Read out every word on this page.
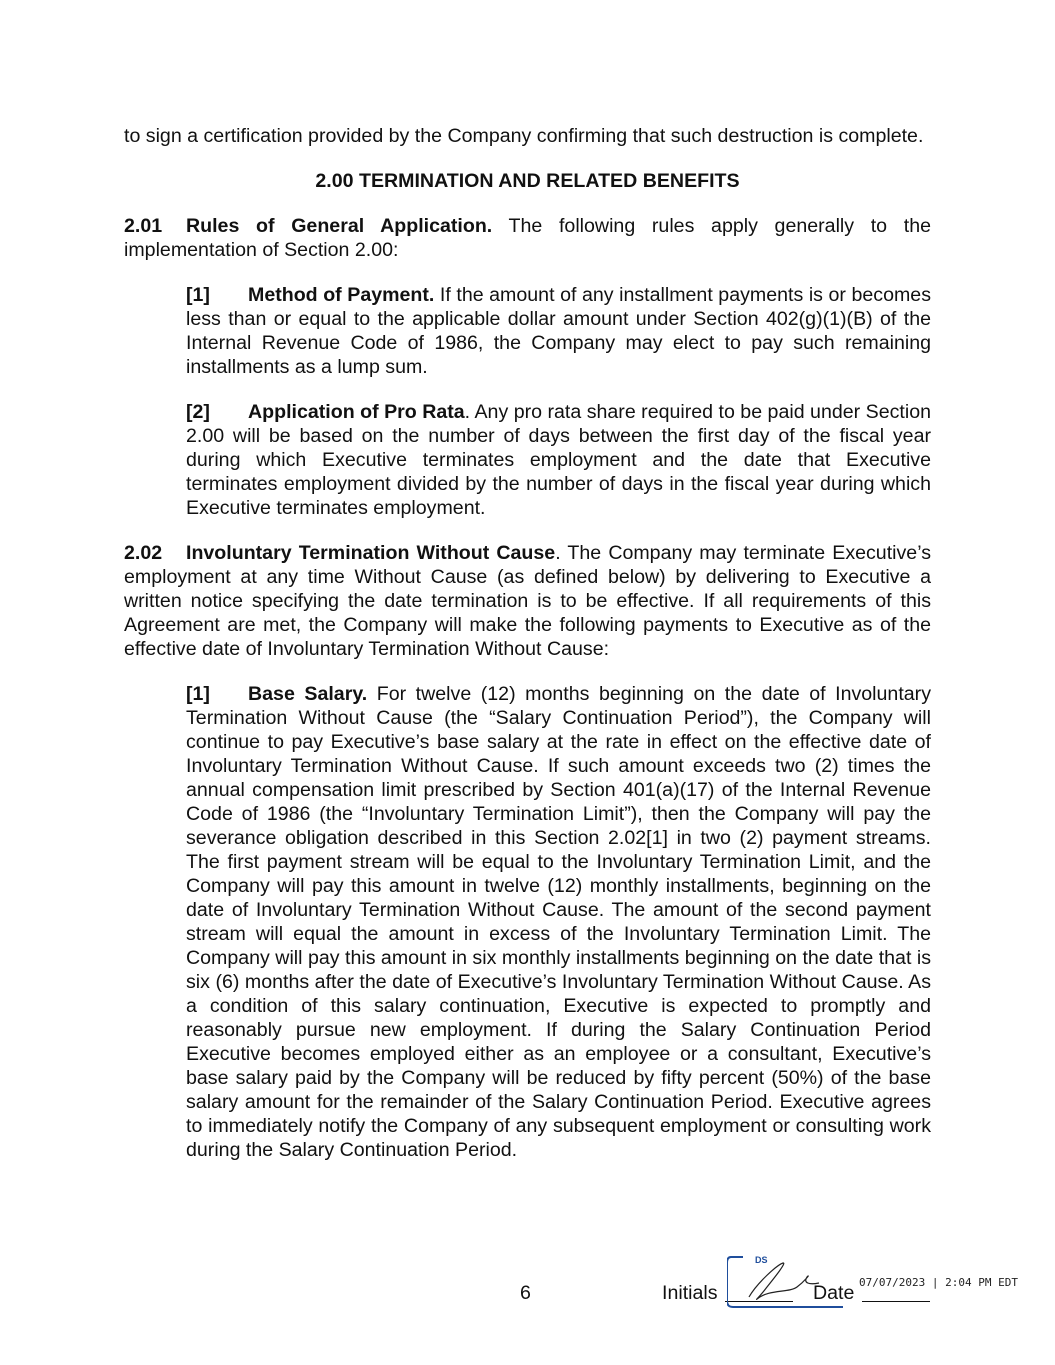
to sign a certification provided by the Company confirming that such destruction is complete.

2.00 TERMINATION AND RELATED BENEFITS

2.01 Rules of General Application. The following rules apply generally to the implementation of Section 2.00:

[1] Method of Payment. If the amount of any installment payments is or becomes less than or equal to the applicable dollar amount under Section 402(g)(1)(B) of the Internal Revenue Code of 1986, the Company may elect to pay such remaining installments as a lump sum.

[2] Application of Pro Rata. Any pro rata share required to be paid under Section 2.00 will be based on the number of days between the first day of the fiscal year during which Executive terminates employment and the date that Executive terminates employment divided by the number of days in the fiscal year during which Executive terminates employment.

2.02 Involuntary Termination Without Cause. The Company may terminate Executive’s employment at any time Without Cause (as defined below) by delivering to Executive a written notice specifying the date termination is to be effective. If all requirements of this Agreement are met, the Company will make the following payments to Executive as of the effective date of Involuntary Termination Without Cause:

[1] Base Salary. For twelve (12) months beginning on the date of Involuntary Termination Without Cause (the “Salary Continuation Period”), the Company will continue to pay Executive’s base salary at the rate in effect on the effective date of Involuntary Termination Without Cause. If such amount exceeds two (2) times the annual compensation limit prescribed by Section 401(a)(17) of the Internal Revenue Code of 1986 (the “Involuntary Termination Limit”), then the Company will pay the severance obligation described in this Section 2.02[1] in two (2) payment streams. The first payment stream will be equal to the Involuntary Termination Limit, and the Company will pay this amount in twelve (12) monthly installments, beginning on the date of Involuntary Termination Without Cause. The amount of the second payment stream will equal the amount in excess of the Involuntary Termination Limit. The Company will pay this amount in six monthly installments beginning on the date that is six (6) months after the date of Executive’s Involuntary Termination Without Cause. As a condition of this salary continuation, Executive is expected to promptly and reasonably pursue new employment. If during the Salary Continuation Period Executive becomes employed either as an employee or a consultant, Executive’s base salary paid by the Company will be reduced by fifty percent (50%) of the base salary amount for the remainder of the Salary Continuation Period. Executive agrees to immediately notify the Company of any subsequent employment or consulting work during the Salary Continuation Period.

6	Initials
DS
Date 07/07/2023 | 2:04 PM EDT
